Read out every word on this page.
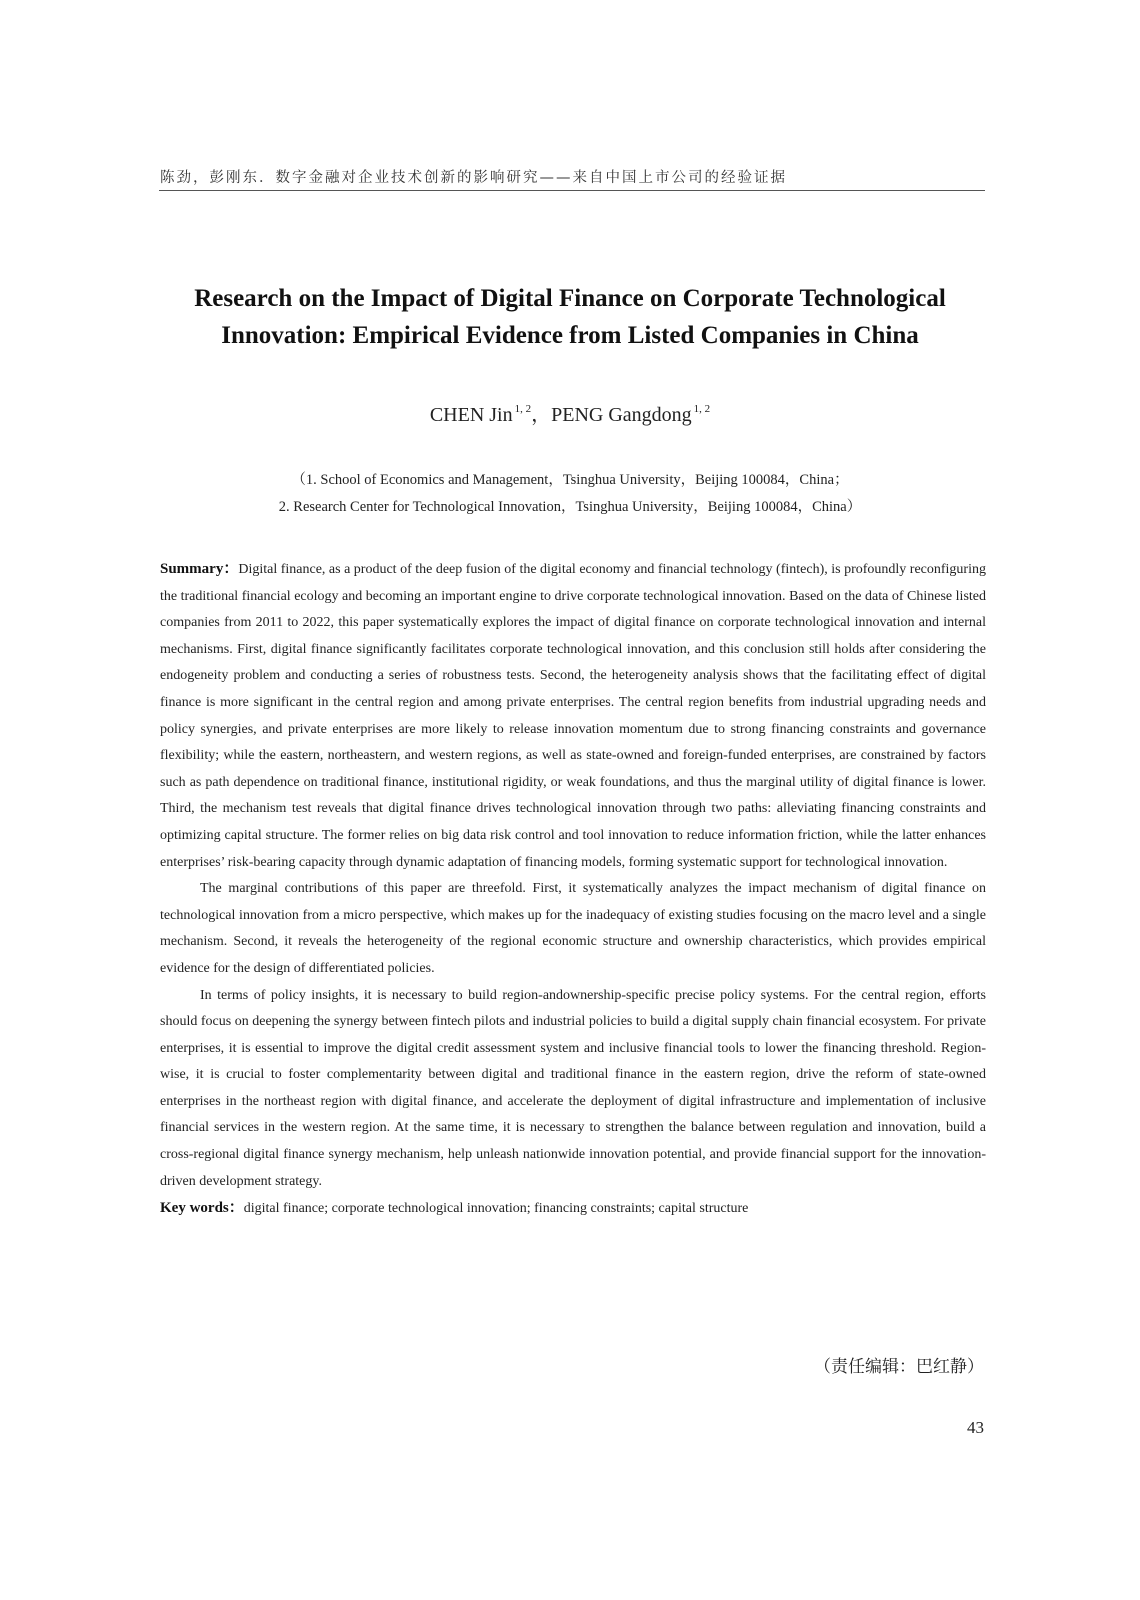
陈劲，彭刚东．数字金融对企业技术创新的影响研究——来自中国上市公司的经验证据
Research on the Impact of Digital Finance on Corporate Technological
Innovation: Empirical Evidence from Listed Companies in China
CHEN Jin $^{1, 2}$，PENG Gangdong $^{1, 2}$
（1. School of Economics and Management，Tsinghua University，Beijing 100084，China；
2. Research Center for Technological Innovation，Tsinghua University，Beijing 100084，China）

Summary：Digital finance, as a product of the deep fusion of the digital economy and financial technology (fintech), is profoundly reconfiguring the traditional financial ecology and becoming an important engine to drive corporate technological innovation. Based on the data of Chinese listed companies from 2011 to 2022, this paper systematically explores the impact of digital finance on corporate technological innovation and internal mechanisms. First, digital finance significantly facilitates corporate technological innovation, and this conclusion still holds after considering the endogeneity problem and conducting a series of robustness tests. Second, the heterogeneity analysis shows that the facilitating effect of digital finance is more significant in the central region and among private enterprises. The central region benefits from industrial upgrading needs and policy synergies, and private enterprises are more likely to release innovation momentum due to strong financing constraints and governance flexibility; while the eastern, northeastern, and western regions, as well as state-owned and foreign-funded enterprises, are constrained by factors such as path dependence on traditional finance, institutional rigidity, or weak foundations, and thus the marginal utility of digital finance is lower. Third, the mechanism test reveals that digital finance drives technological innovation through two paths: alleviating financing constraints and optimizing capital structure. The former relies on big data risk control and tool innovation to reduce information friction, while the latter enhances enterprises’ risk-bearing capacity through dynamic adaptation of financing models, forming systematic support for technological innovation.

The marginal contributions of this paper are threefold. First, it systematically analyzes the impact mechanism of digital finance on technological innovation from a micro perspective, which makes up for the inadequacy of existing studies focusing on the macro level and a single mechanism. Second, it reveals the heterogeneity of the regional economic structure and ownership characteristics, which provides empirical evidence for the design of differentiated policies.

In terms of policy insights, it is necessary to build region-andownership-specific precise policy systems. For the central region, efforts should focus on deepening the synergy between fintech pilots and industrial policies to build a digital supply chain financial ecosystem. For private enterprises, it is essential to improve the digital credit assessment system and inclusive financial tools to lower the financing threshold. Region-wise, it is crucial to foster complementarity between digital and traditional finance in the eastern region, drive the reform of state-owned enterprises in the northeast region with digital finance, and accelerate the deployment of digital infrastructure and implementation of inclusive financial services in the western region. At the same time, it is necessary to strengthen the balance between regulation and innovation, build a cross-regional digital finance synergy mechanism, help unleash nationwide innovation potential, and provide financial support for the innovation-driven development strategy.

Key words：digital finance; corporate technological innovation; financing constraints; capital structure

（责任编辑：巴红静）
43
